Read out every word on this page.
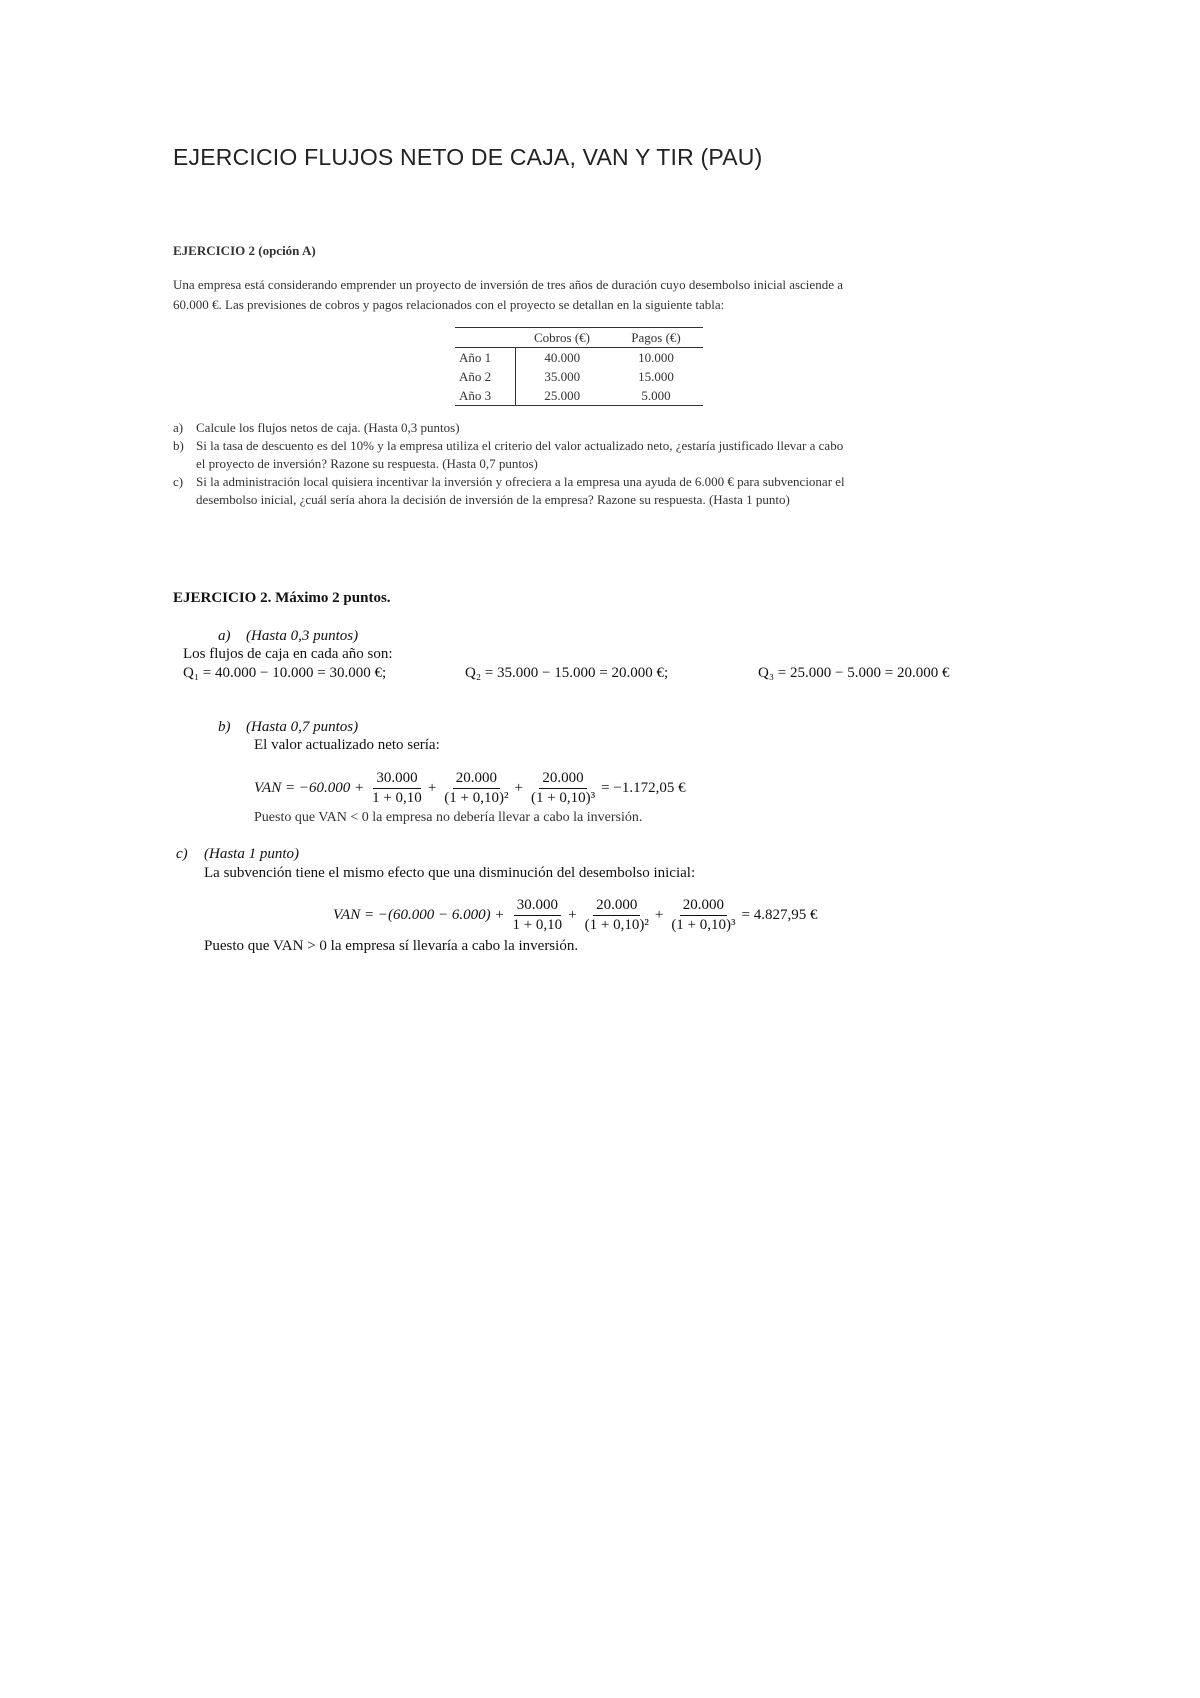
EJERCICIO FLUJOS NETO DE CAJA, VAN Y TIR (PAU)
EJERCICIO 2 (opción A)
Una empresa está considerando emprender un proyecto de inversión de tres años de duración cuyo desembolso inicial asciende a
60.000 €. Las previsiones de cobros y pagos relacionados con el proyecto se detallan en la siguiente tabla:
	Cobros (€)	Pagos (€)
Año 1	40.000	10.000
Año 2	35.000	15.000
Año 3	25.000	5.000
a) Calcule los flujos netos de caja. (Hasta 0,3 puntos)
b) Si la tasa de descuento es del 10% y la empresa utiliza el criterio del valor actualizado neto, ¿estaría justificado llevar a cabo
el proyecto de inversión? Razone su respuesta. (Hasta 0,7 puntos)
c) Si la administración local quisiera incentivar la inversión y ofreciera a la empresa una ayuda de 6.000 € para subvencionar el
desembolso inicial, ¿cuál sería ahora la decisión de inversión de la empresa? Razone su respuesta. (Hasta 1 punto)
EJERCICIO 2. Máximo 2 puntos.
a) (Hasta 0,3 puntos)
Los flujos de caja en cada año son:
Q₁ = 40.000 − 10.000 = 30.000 €;	Q₂ = 35.000 − 15.000 = 20.000 €;	Q₃ = 25.000 − 5.000 = 20.000 €
b) (Hasta 0,7 puntos)
El valor actualizado neto sería:
VAN = $-60.000 + \frac{30.000}{1 + 0,10} + \frac{20.000}{\text{(1 + 0,10)²}} + \frac{20.000}{\text{(1 + 0,10)³}} = -1.172,05$ €
Puesto que VAN < 0 la empresa no debería llevar a cabo la inversión.
c) (Hasta 1 punto)
La subvención tiene el mismo efecto que una disminución del desembolso inicial:
VAN = $-(60.000 - 6.000) + \frac{30.000}{1 + 0,10} + \frac{20.000}{\text{(1 + 0,10)²}} + \frac{20.000}{\text{(1 + 0,10)³}} = 4.827,95$ €
Puesto que VAN > 0 la empresa sí llevaría a cabo la inversión.
